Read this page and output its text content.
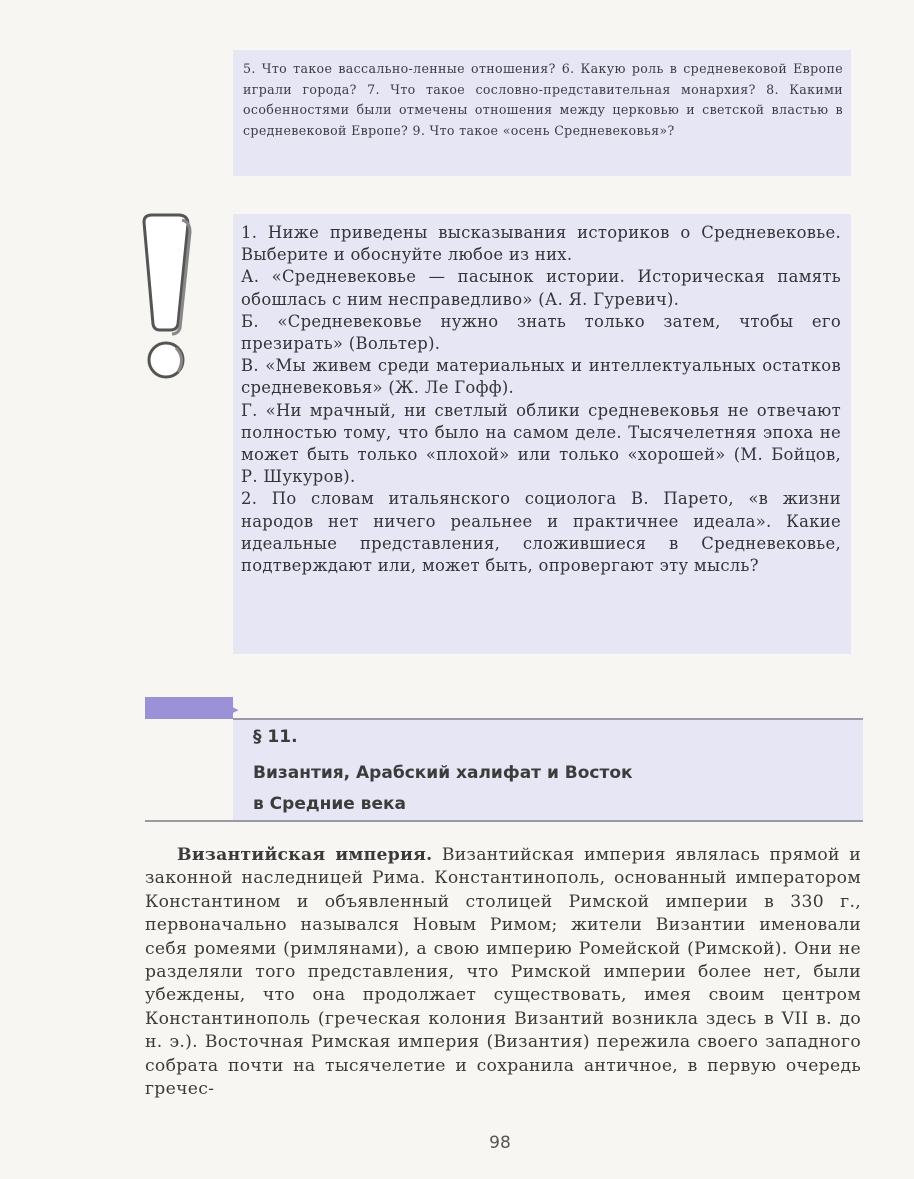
5. Что такое вассально-ленные отношения? 6. Какую роль в средневековой Европе играли города? 7. Что такое сословно-представительная монархия? 8. Какими особенностями были отмечены отношения между церковью и светской властью в средневековой Европе? 9. Что такое «осень Средневековья»?

1. Ниже приведены высказывания историков о Средневековье. Выберите и обоснуйте любое из них.

А. «Средневековье — пасынок истории. Историческая память обошлась с ним несправедливо» (А. Я. Гуревич).

Б. «Средневековье нужно знать только затем, чтобы его презирать» (Вольтер).

В. «Мы живем среди материальных и интеллектуальных остатков средневековья» (Ж. Ле Гофф).

Г. «Ни мрачный, ни светлый облики средневековья не отвечают полностью тому, что было на самом деле. Тысячелетняя эпоха не может быть только «плохой» или только «хорошей» (М. Бойцов, Р. Шукуров).

2. По словам итальянского социолога В. Парето, «в жизни народов нет ничего реальнее и практичнее идеала». Какие идеальные представления, сложившиеся в Средневековье, подтверждают или, может быть, опровергают эту мысль?

▸
§ 11.
Византия, Арабский халифат и Восток
в Средние века

Византийская империя. Византийская империя являлась прямой и законной наследницей Рима. Константинополь, основанный императором Константином и объявленный столицей Римской империи в 330 г., первоначально назывался Новым Римом; жители Византии именовали себя ромеями (римлянами), а свою империю Ромейской (Римской). Они не разделяли того представления, что Римской империи более нет, были убеждены, что она продолжает существовать, имея своим центром Константинополь (греческая колония Византий возникла здесь в VII в. до н. э.). Восточная Римская империя (Византия) пережила своего западного собрата почти на тысячелетие и сохранила античное, в первую очередь гречес-

98
